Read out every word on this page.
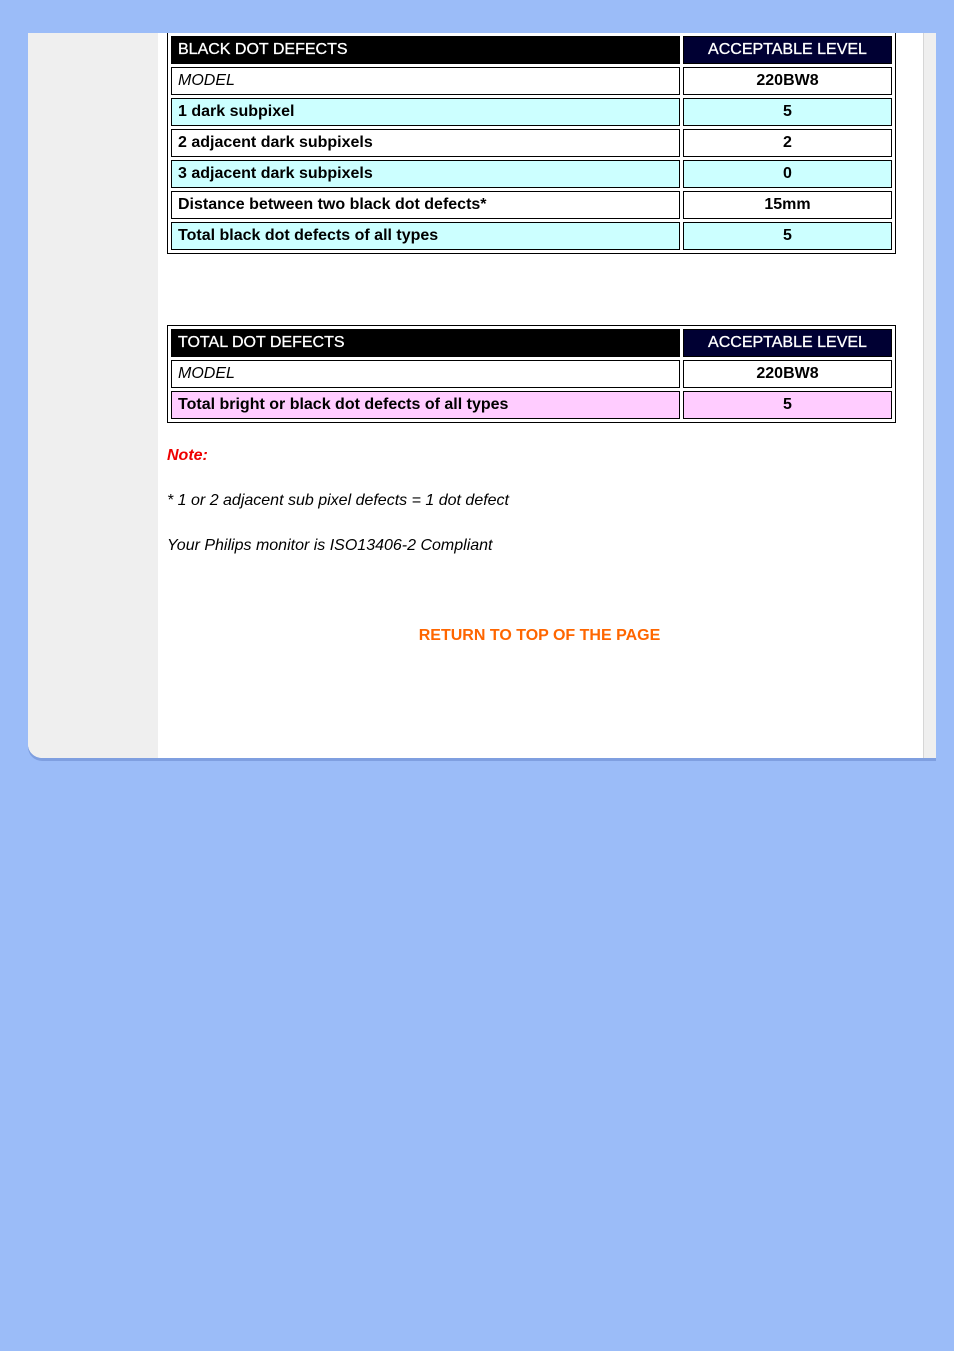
BLACK DOT DEFECTS	ACCEPTABLE LEVEL
MODEL	220BW8
1 dark subpixel	5
2 adjacent dark subpixels	2
3 adjacent dark subpixels	0
Distance between two black dot defects*	15mm
Total black dot defects of all types	5
TOTAL DOT DEFECTS	ACCEPTABLE LEVEL
MODEL	220BW8
Total bright or black dot defects of all types	5

Note:

* 1 or 2 adjacent sub pixel defects = 1 dot defect

Your Philips monitor is ISO13406-2 Compliant

RETURN TO TOP OF THE PAGE
